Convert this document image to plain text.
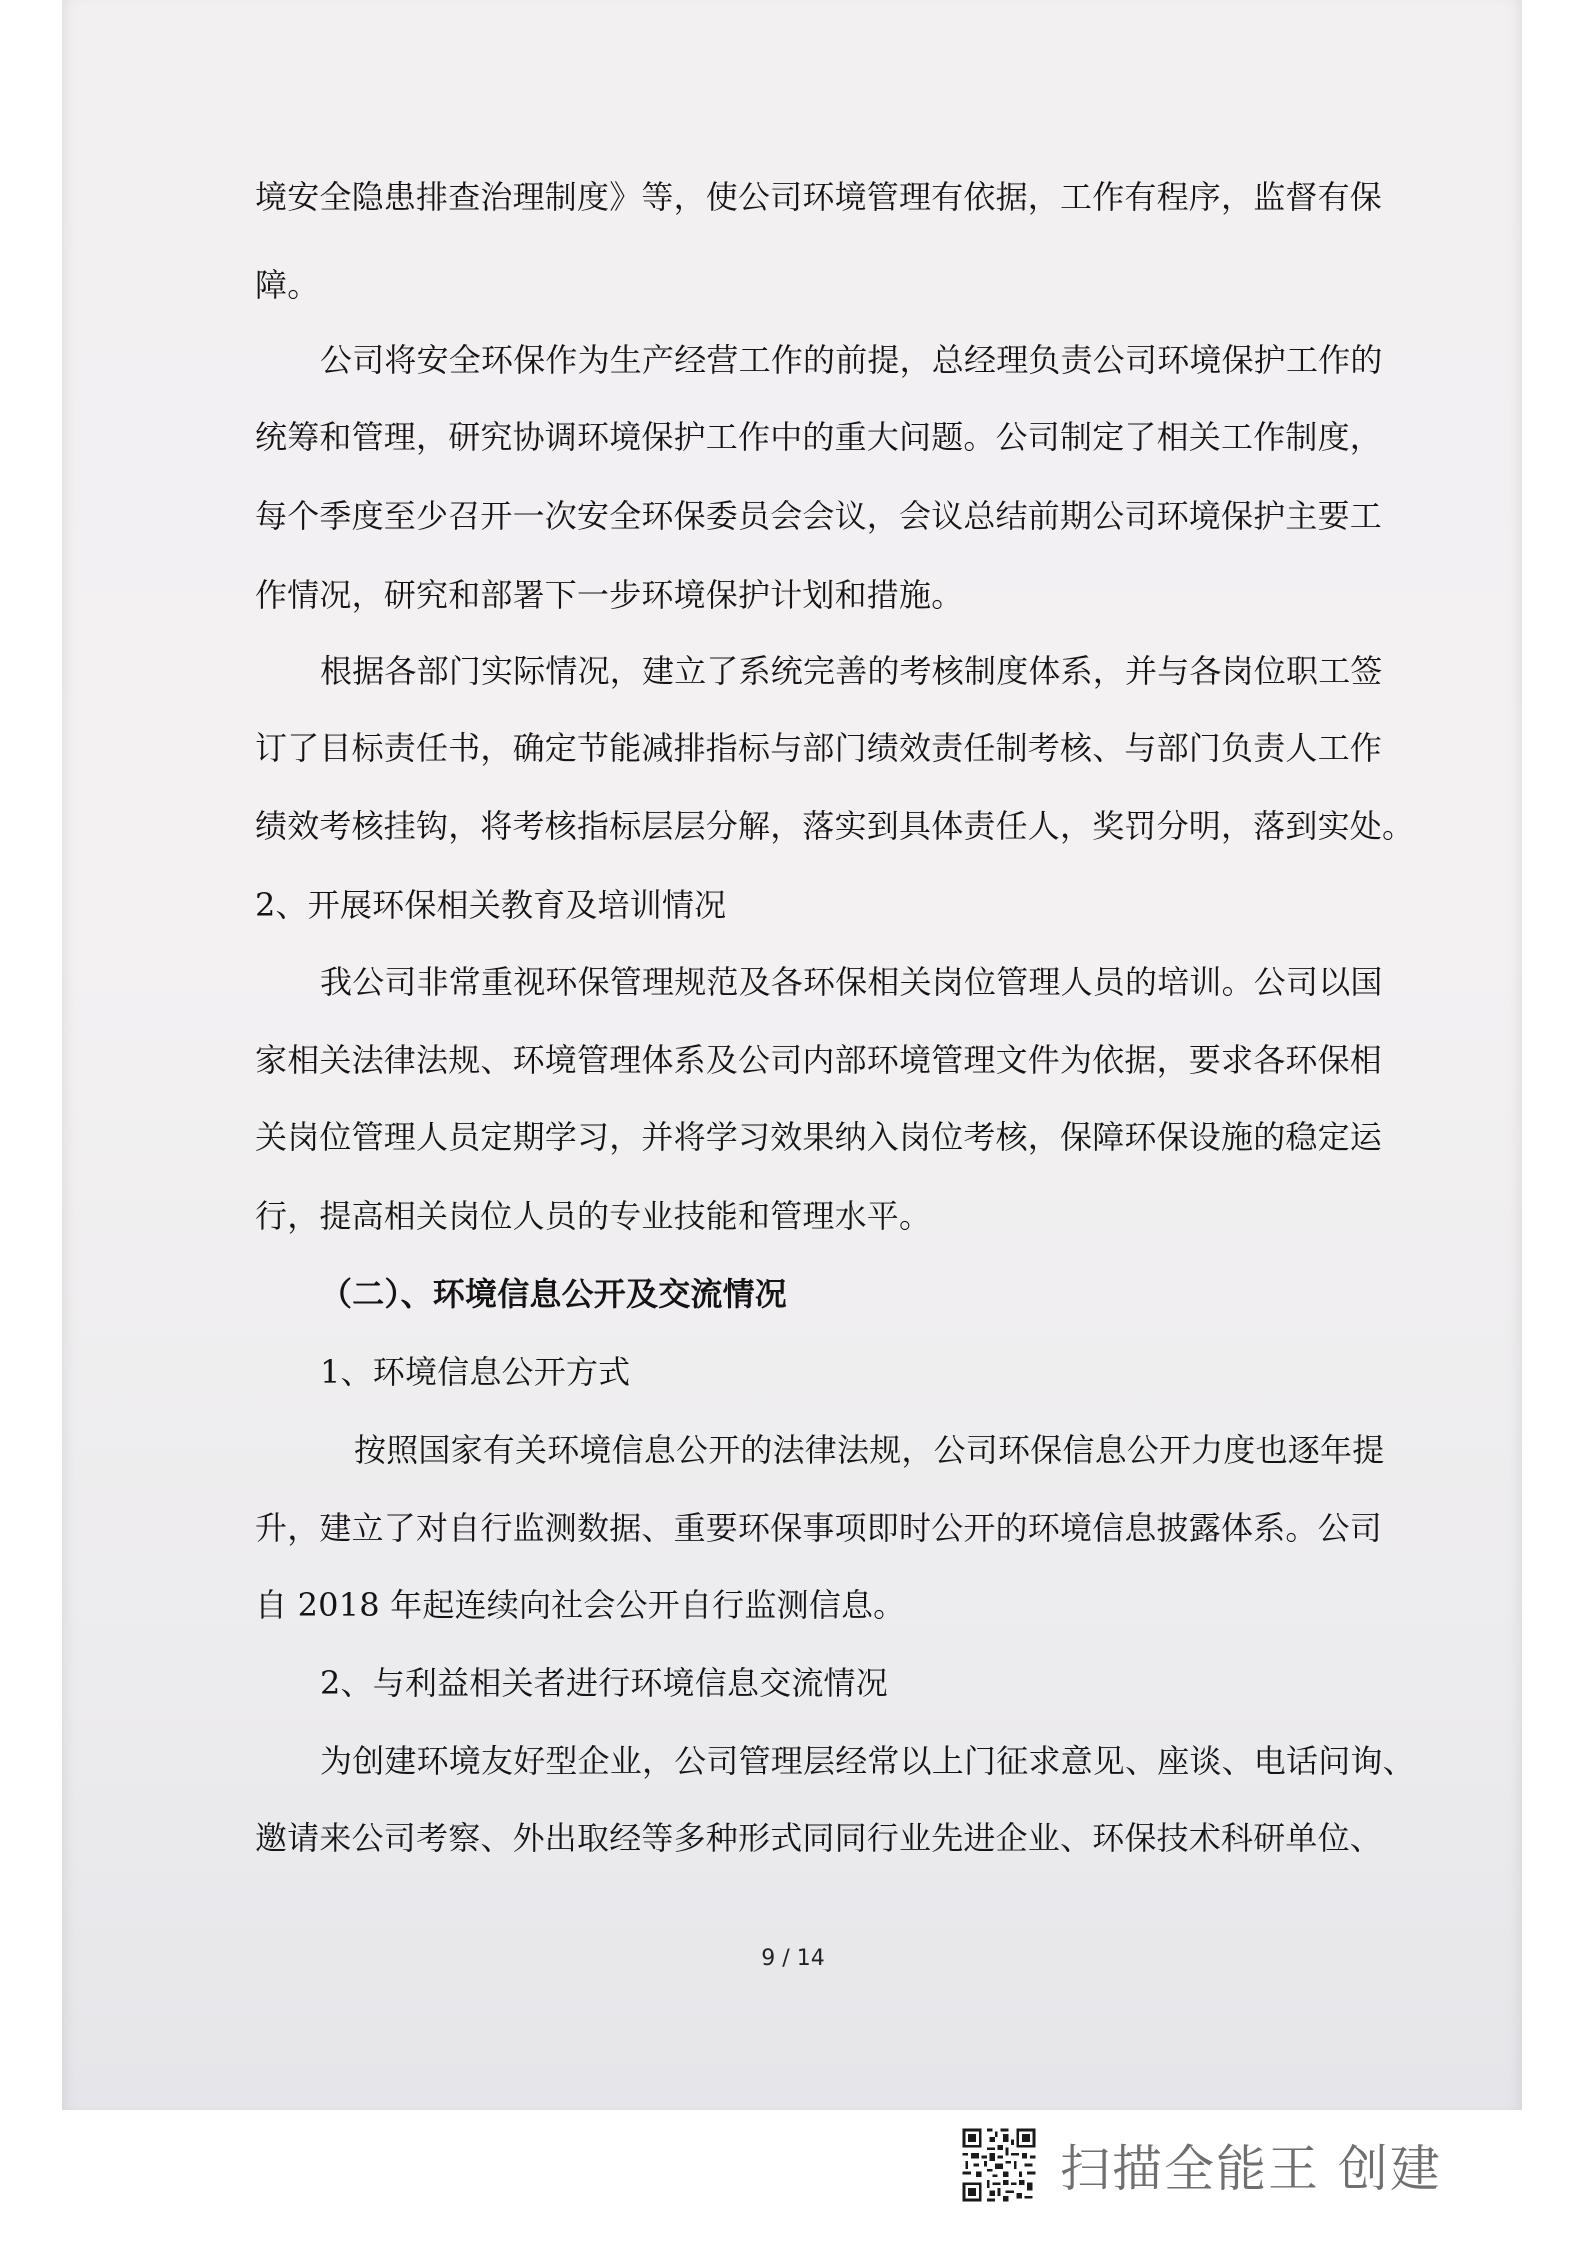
境安全隐患排查治理制度》等，使公司环境管理有依据，工作有程序，监督有保
障。
公司将安全环保作为生产经营工作的前提，总经理负责公司环境保护工作的
统筹和管理，研究协调环境保护工作中的重大问题。公司制定了相关工作制度，
每个季度至少召开一次安全环保委员会会议，会议总结前期公司环境保护主要工
作情况，研究和部署下一步环境保护计划和措施。
根据各部门实际情况，建立了系统完善的考核制度体系，并与各岗位职工签
订了目标责任书，确定节能减排指标与部门绩效责任制考核、与部门负责人工作
绩效考核挂钩，将考核指标层层分解，落实到具体责任人，奖罚分明，落到实处。
2、开展环保相关教育及培训情况
我公司非常重视环保管理规范及各环保相关岗位管理人员的培训。公司以国
家相关法律法规、环境管理体系及公司内部环境管理文件为依据，要求各环保相
关岗位管理人员定期学习，并将学习效果纳入岗位考核，保障环保设施的稳定运
行，提高相关岗位人员的专业技能和管理水平。
（二）、环境信息公开及交流情况
1、环境信息公开方式
按照国家有关环境信息公开的法律法规，公司环保信息公开力度也逐年提
升，建立了对自行监测数据、重要环保事项即时公开的环境信息披露体系。公司
自 2018 年起连续向社会公开自行监测信息。
2、与利益相关者进行环境信息交流情况
为创建环境友好型企业，公司管理层经常以上门征求意见、座谈、电话问询、
邀请来公司考察、外出取经等多种形式同同行业先进企业、环保技术科研单位、
9 / 14
扫描全能王 创建
